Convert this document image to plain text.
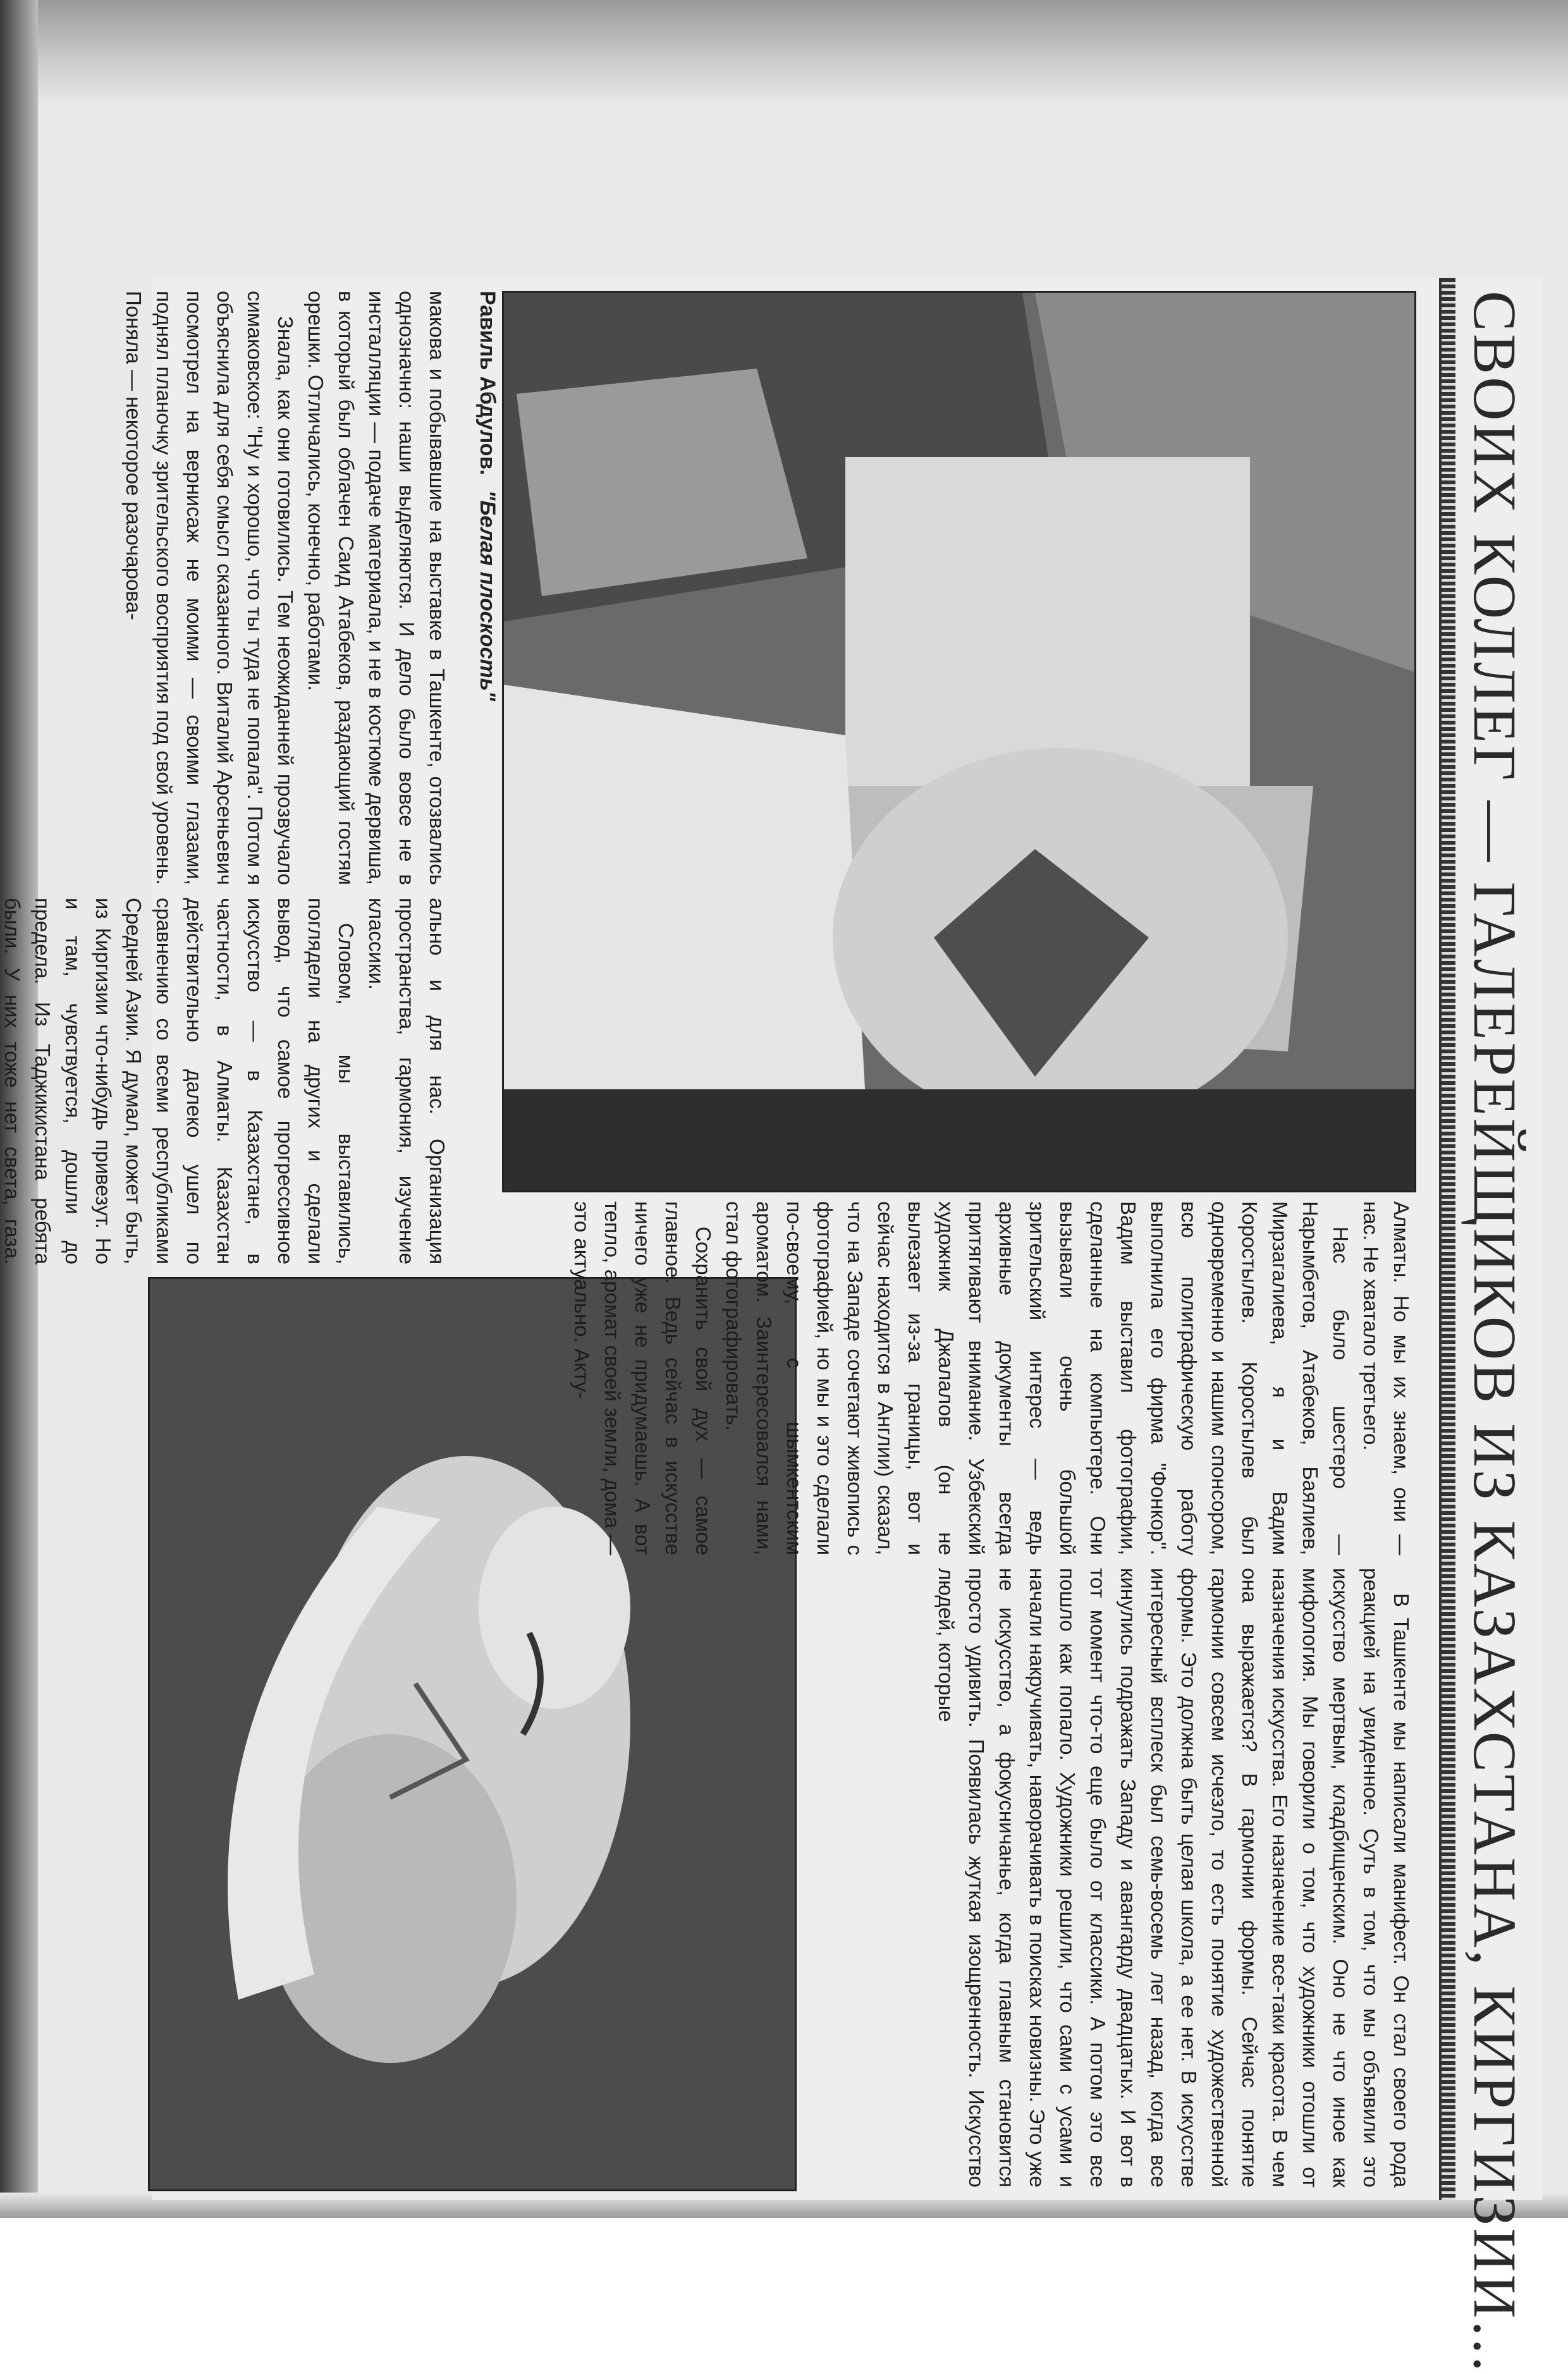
СВОИХ КОЛЛЕГ — ГАЛЕРЕЙЩИКОВ ИЗ КАЗАХСТАНА, КИРГИЗИИ...
Равиль Абдулов. "Белая плоскость"

макова и побывавшие на выставке в Ташкенте, отозвались однозначно: наши выделяются. И дело было вовсе не в инсталляции — подаче материала, и не в костюме дервиша, в который был облачен Саид Атабеков, раздающий гостям орешки. Отличались, конечно, работами.

Знала, как они готовились. Тем неожиданней прозвучало симаковское: "Ну и хорошо, что ты туда не попала". Потом я объяснила для себя смысл сказанного. Виталий Арсеньевич посмотрел на вернисаж не моими — своими глазами, поднял планочку зрительского восприятия под свой уровень. Поняла — некоторое разочарова-

ально и для нас. Организация пространства, гармония, изучение классики.

Словом, мы выставились, поглядели на других и сделали вывод, что самое прогрессивное искусство — в Казахстане, в частности, в Алматы. Казахстан действительно далеко ушел по сравнению со всеми республиками Средней Азии. Я думал, может быть, из Киргизии что-нибудь привезут. Но и там, чувствуется, дошли до предела. Из Таджикистана ребята были. У них тоже нет света, газа.	Алматы. Но мы их знаем, они — нас. Не хватало третьего.

Нас было шестеро — Нарымбетов, Атабеков, Баялиев, Мирзагалиева, я и Вадим Коростылев. Коростылев был одновременно и нашим спонсором, всю полиграфическую работу выполнила его фирма "Фонкор". Вадим выставил фотографии, сделанные на компьютере. Они вызывали очень большой зрительский интерес — ведь архивные документы всегда притягивают внимание. Узбекский художник Джалалов (он не вылезает из-за границы, вот и сейчас находится в Англии) сказал, что на Западе сочетают живопись с фотографией, но мы и это сделали по-своему, с шымкентским ароматом. Заинтересовался нами, стал фотографировать.

Сохранить свой дух — самое главное. Ведь сейчас в искусстве ничего уже не придумаешь. А вот тепло, аромат своей земли, дома — это актуально. Акту-

В Ташкенте мы написали манифест. Он стал своего рода реакцией на увиденное. Суть в том, что мы объявили это искусство мертвым, кладбищенским. Оно не что иное как мифология. Мы говорили о том, что художники отошли от назначения искусства. Его назначение все-таки красота. В чем она выражается? В гармонии формы. Сейчас понятие гармонии совсем исчезло, то есть понятие художественной формы. Это должна быть целая школа, а ее нет. В искусстве интересный всплеск был семь-восемь лет назад, когда все кинулись подражать Западу и авангарду двадцатых. И вот в тот момент что-то еще было от классики. А потом это все пошло как попало. Художники решили, что сами с усами и начали накручивать, наворачивать в поисках новизны. Это уже не искусство, а фокусничанье, когда главным становится просто удивить. Появилась жуткая изощренность. Искусство людей, которые
